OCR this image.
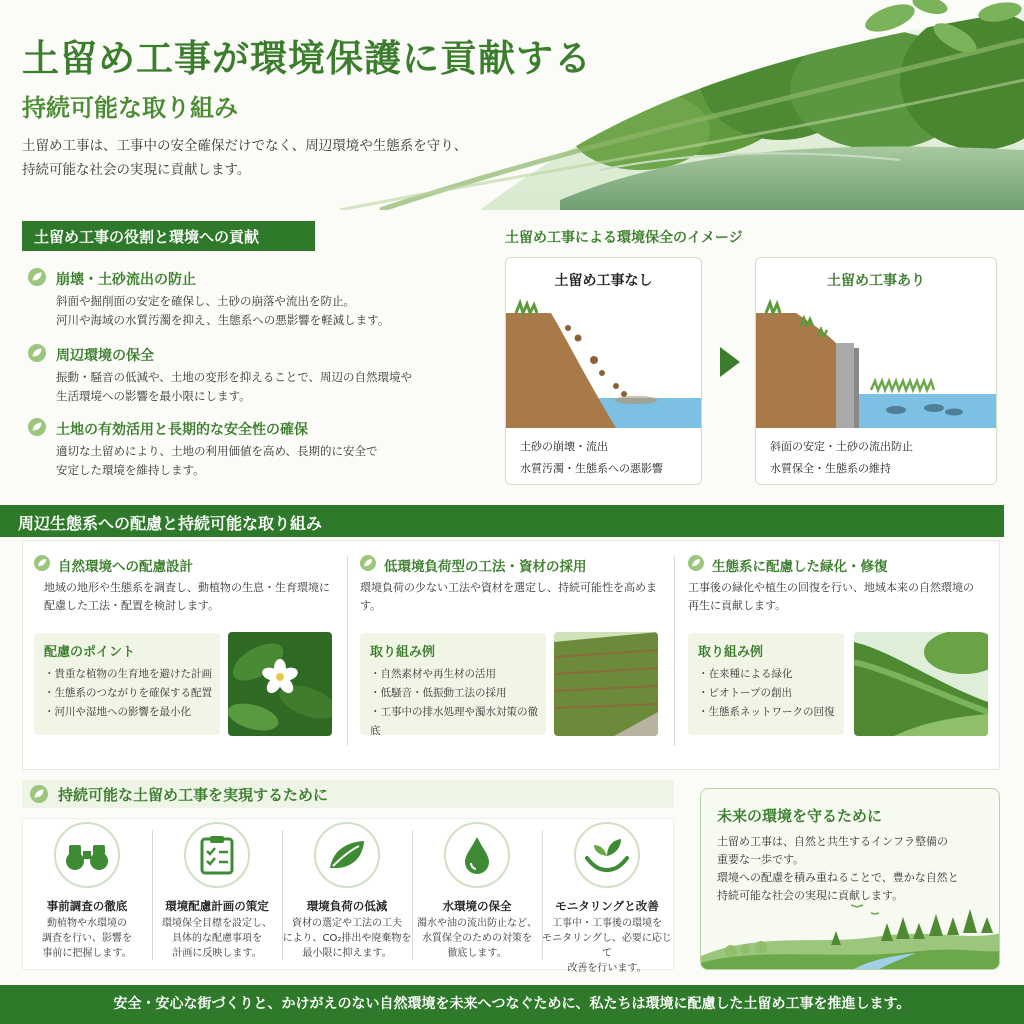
土留め工事が環境保護に貢献する
持続可能な取り組み
土留め工事は、工事中の安全確保だけでなく、周辺環境や生態系を守り、
持続可能な社会の実現に貢献します。
土留め工事の役割と環境への貢献
崩壊・土砂流出の防止
斜面や掘削面の安定を確保し、土砂の崩落や流出を防止。
河川や海域の水質汚濁を抑え、生態系への悪影響を軽減します。
周辺環境の保全
振動・騒音の低減や、土地の変形を抑えることで、周辺の自然環境や
生活環境への影響を最小限にします。
土地の有効活用と長期的な安全性の確保
適切な土留めにより、土地の利用価値を高め、長期的に安全で
安定した環境を維持します。
土留め工事による環境保全のイメージ
土留め工事なし
土砂の崩壊・流出
水質汚濁・生態系への悪影響
土留め工事あり
斜面の安定・土砂の流出防止
水質保全・生態系の維持
周辺生態系への配慮と持続可能な取り組み
自然環境への配慮設計
地域の地形や生態系を調査し、動植物の生息・生育環境に
配慮した工法・配置を検討します。
配慮のポイント
・貴重な植物の生育地を避けた計画
・生態系のつながりを確保する配置
・河川や湿地への影響を最小化
低環境負荷型の工法・資材の採用
環境負荷の少ない工法や資材を選定し、持続可能性を高めます。
取り組み例
・自然素材や再生材の活用
・低騒音・低振動工法の採用
・工事中の排水処理や濁水対策の徹底
生態系に配慮した緑化・修復
工事後の緑化や植生の回復を行い、地域本来の自然環境の
再生に貢献します。
取り組み例
・在来種による緑化
・ビオトープの創出
・生態系ネットワークの回復
持続可能な土留め工事を実現するために
事前調査の徹底
動植物や水環境の
調査を行い、影響を
事前に把握します。
環境配慮計画の策定
環境保全目標を設定し、
具体的な配慮事項を
計画に反映します。
環境負荷の低減
資材の選定や工法の工夫
により、CO₂排出や廃棄物を
最小限に抑えます。
水環境の保全
濁水や油の流出防止など、
水質保全のための対策を
徹底します。
モニタリングと改善
工事中・工事後の環境を
モニタリングし、必要に応じて
改善を行います。
未来の環境を守るために
土留め工事は、自然と共生するインフラ整備の
重要な一歩です。
環境への配慮を積み重ねることで、豊かな自然と
持続可能な社会の実現に貢献します。
安全・安心な街づくりと、かけがえのない自然環境を未来へつなぐために、私たちは環境に配慮した土留め工事を推進します。
